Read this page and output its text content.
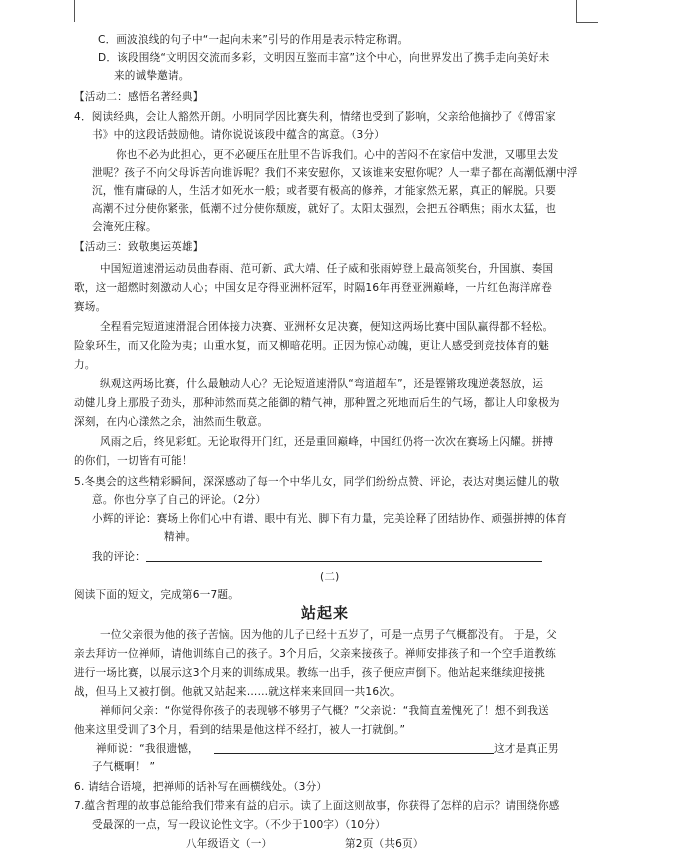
C．画波浪线的句子中“一起向未来”引号的作用是表示特定称谓。
D．该段围绕“文明因交流而多彩，文明因互鉴而丰富”这个中心，向世界发出了携手走向美好未
来的诚挚邀请。
【活动二：感悟名著经典】
4．阅读经典，会让人豁然开朗。小明同学因比赛失利，情绪也受到了影响，父亲给他摘抄了《傅雷家
书》中的这段话鼓励他。请你说说该段中蕴含的寓意。（3分）
你也不必为此担心，更不必硬压在肚里不告诉我们。心中的苦闷不在家信中发泄，又哪里去发
泄呢？孩子不向父母诉苦向谁诉呢？我们不来安慰你，又该谁来安慰你呢？人一辈子都在高潮低潮中浮
沉，惟有庸碌的人，生活才如死水一般；或者要有极高的修养，才能家然无累，真正的解脱。只要
高潮不过分使你紧张，低潮不过分使你颓废，就好了。太阳太强烈，会把五谷晒焦；雨水太猛，也
会淹死庄稼。
【活动三：致敬奥运英雄】
中国短道速滑运动员曲春雨、范可新、武大靖、任子威和张雨婷登上最高领奖台，升国旗、奏国
歌，这一超燃时刻激动人心；中国女足夺得亚洲杯冠军，时隔16年再登亚洲巅峰，一片红色海洋席卷
赛场。
全程看完短道速滑混合团体接力决赛、亚洲杯女足决赛，便知这两场比赛中国队赢得都不轻松。
险象环生，而又化险为夷；山重水复，而又柳暗花明。正因为惊心动魄，更让人感受到竞技体育的魅
力。
纵观这两场比赛，什么最触动人心？无论短道速滑队“弯道超车”，还是铿锵玫瑰逆袭怒放，运
动健儿身上那股子劲头，那种沛然而莫之能御的精气神，那种置之死地而后生的气场，都让人印象极为
深刻，在内心漾然之余，油然而生敬意。
风雨之后，终见彩虹。无论取得开门红，还是重回巅峰，中国红仍将一次次在赛场上闪耀。拼搏
的你们，一切皆有可能！
5.冬奥会的这些精彩瞬间，深深感动了每一个中华儿女，同学们纷纷点赞、评论，表达对奥运健儿的敬
意。你也分享了自己的评论。（2分）
小辉的评论：赛场上你们心中有谱、眼中有光、脚下有力量，完美诠释了团结协作、顽强拼搏的体育
精神。
我的评论：
(二)
阅读下面的短文，完成第6一7题。
站起来
一位父亲很为他的孩子苦恼。因为他的儿子已经十五岁了，可是一点男子气概都没有。 于是，父
亲去拜访一位禅师，请他训练自己的孩子。3个月后，父亲来接孩子。禅师安排孩子和一个空手道教练
进行一场比赛，以展示这3个月来的训练成果。教练一出手，孩子便应声倒下。他站起来继续迎接挑
战，但马上又被打倒。他就又站起来……就这样来来回回一共16次。
禅师问父亲：“你觉得你孩子的表现够不够男子气概？”父亲说：“我简直羞愧死了！想不到我送
他来这里受训了3个月，看到的结果是他这样不经打，被人一打就倒。”
禅师说：“我很遗憾，	这才是真正男
子气概啊！ ”
6. 请结合语境，把禅师的话补写在画横线处。（3分）
7.蕴含哲理的故事总能给我们带来有益的启示。读了上面这则故事，你获得了怎样的启示？请围绕你感
受最深的一点，写一段议论性文字。（不少于100字）（10分）
八年级语文（一）	第2页（共6页）
